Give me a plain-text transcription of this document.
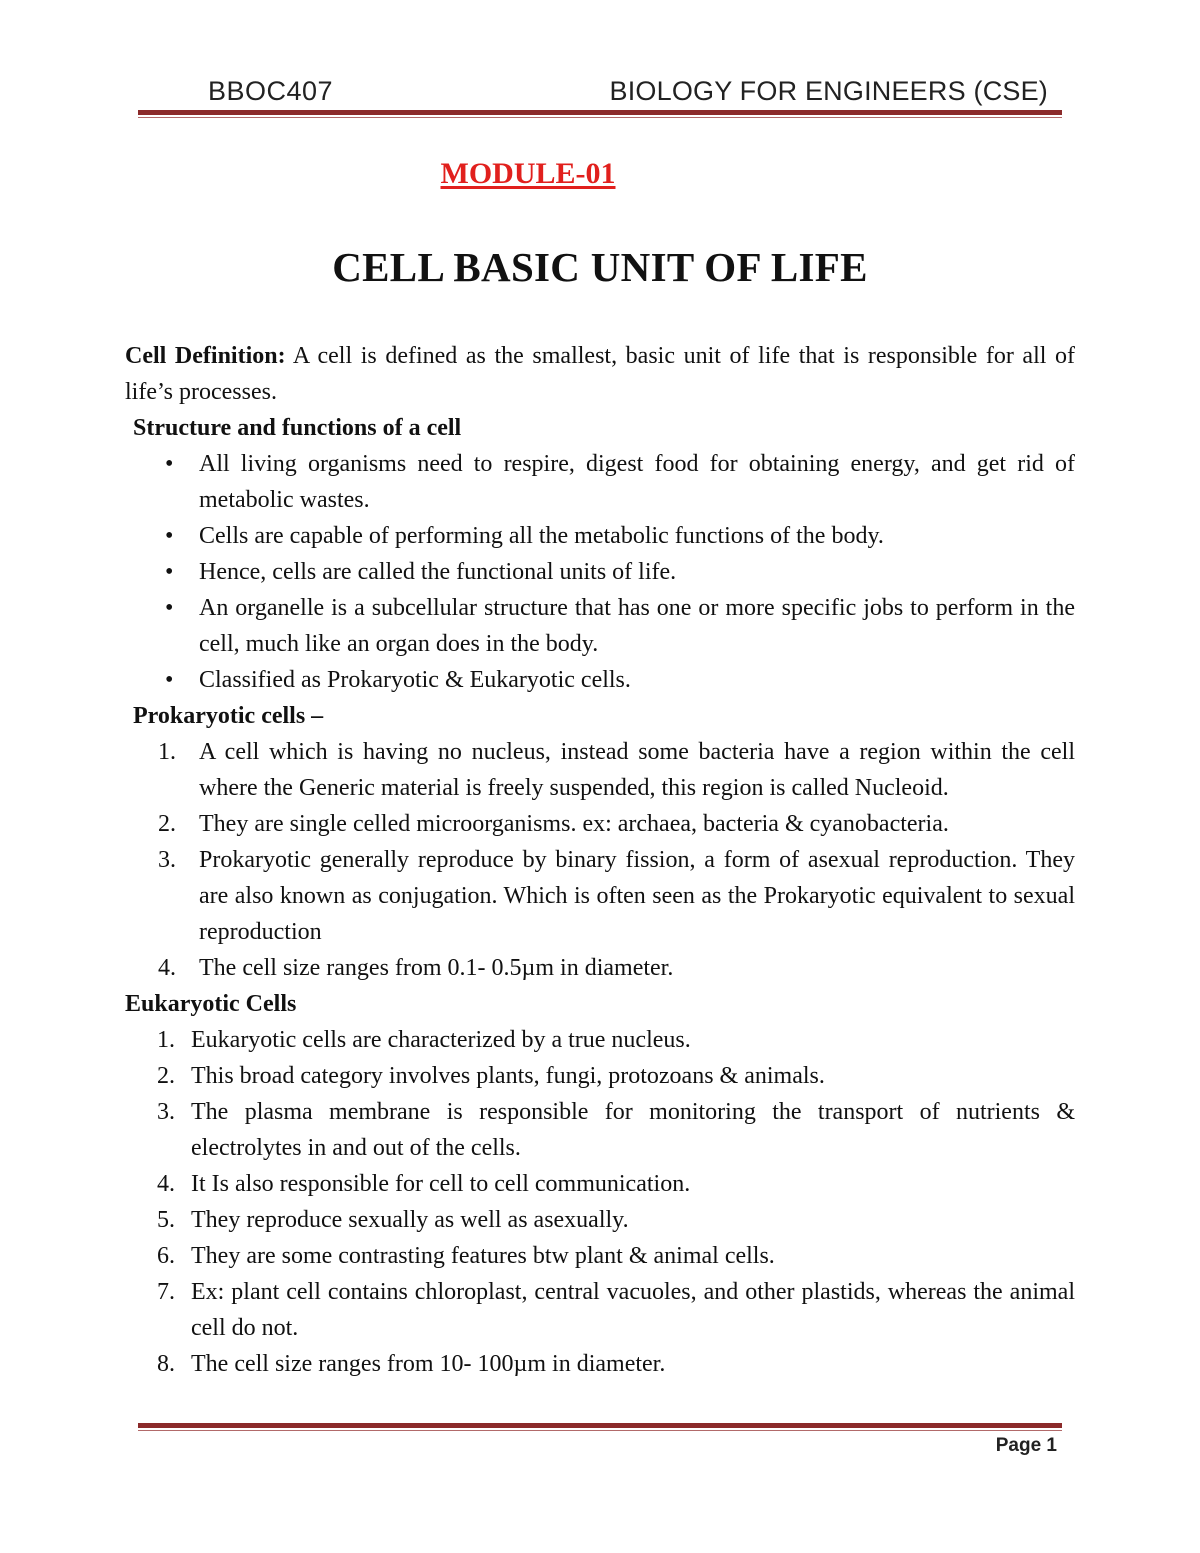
BBOC407	BIOLOGY FOR ENGINEERS (CSE)
MODULE-01
CELL BASIC UNIT OF LIFE

Cell Definition: A cell is defined as the smallest, basic unit of life that is responsible for all of life’s processes.

Structure and functions of a cell

• All living organisms need to respire, digest food for obtaining energy, and get rid of metabolic wastes.
• Cells are capable of performing all the metabolic functions of the body.
• Hence, cells are called the functional units of life.
• An organelle is a subcellular structure that has one or more specific jobs to perform in the cell, much like an organ does in the body.
• Classified as Prokaryotic & Eukaryotic cells.

Prokaryotic cells –

1. A cell which is having no nucleus, instead some bacteria have a region within the cell where the Generic material is freely suspended, this region is called Nucleoid.
2. They are single celled microorganisms. ex: archaea, bacteria & cyanobacteria.
3. Prokaryotic generally reproduce by binary fission, a form of asexual reproduction. They are also known as conjugation. Which is often seen as the Prokaryotic equivalent to sexual reproduction
4. The cell size ranges from 0.1- 0.5µm in diameter.

Eukaryotic Cells

1. Eukaryotic cells are characterized by a true nucleus.
2. This broad category involves plants, fungi, protozoans & animals.
3. The plasma membrane is responsible for monitoring the transport of nutrients & electrolytes in and out of the cells.
4. It Is also responsible for cell to cell communication.
5. They reproduce sexually as well as asexually.
6. They are some contrasting features btw plant & animal cells.
7. Ex: plant cell contains chloroplast, central vacuoles, and other plastids, whereas the animal cell do not.
8. The cell size ranges from 10- 100µm in diameter.
Page 1
